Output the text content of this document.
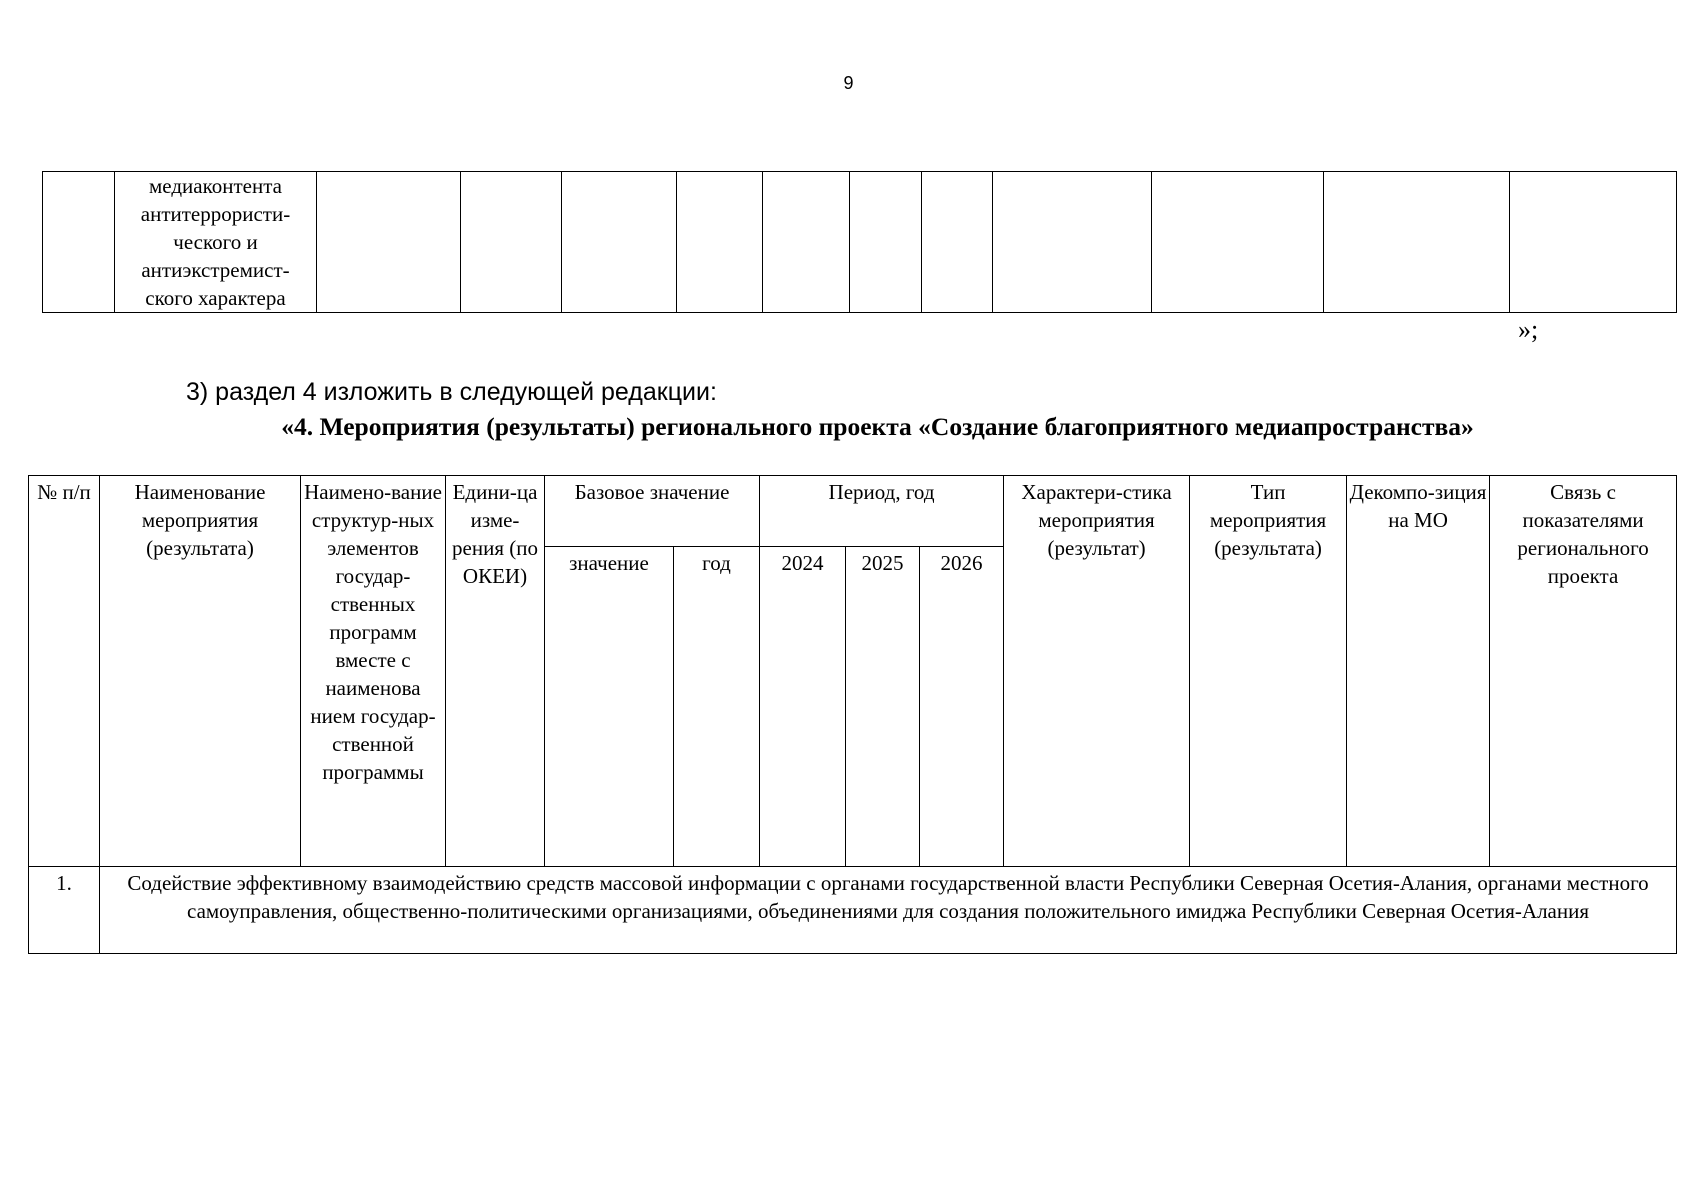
9

медиаконтента
антитеррористи-
ческого и
антиэкстремист-
ского характера

»;
3) раздел 4 изложить в следующей редакции:
«4. Мероприятия (результаты) регионального проекта «Создание благоприятного медиапространства»
№ п/п	Наименование мероприятия (результата)	Наимено-вание структур-ных элементов государ-ственных программ вместе с наименова нием государ-ственной программы	Едини-ца изме-рения (по ОКЕИ)	Базовое значение		Период, год			Характери-стика мероприятия (результат)	Тип мероприятия (результата)	Декомпо-зиция на МО	Связь с показателями регионального проекта
				значение	год	2024	2025	2026				
1.	Содействие эффективному взаимодействию средств массовой информации с органами государственной власти Республики Северная Осетия-Алания, органами местного самоуправления, общественно-политическими организациями, объединениями для создания положительного имиджа Республики Северная Осетия-Алания											
